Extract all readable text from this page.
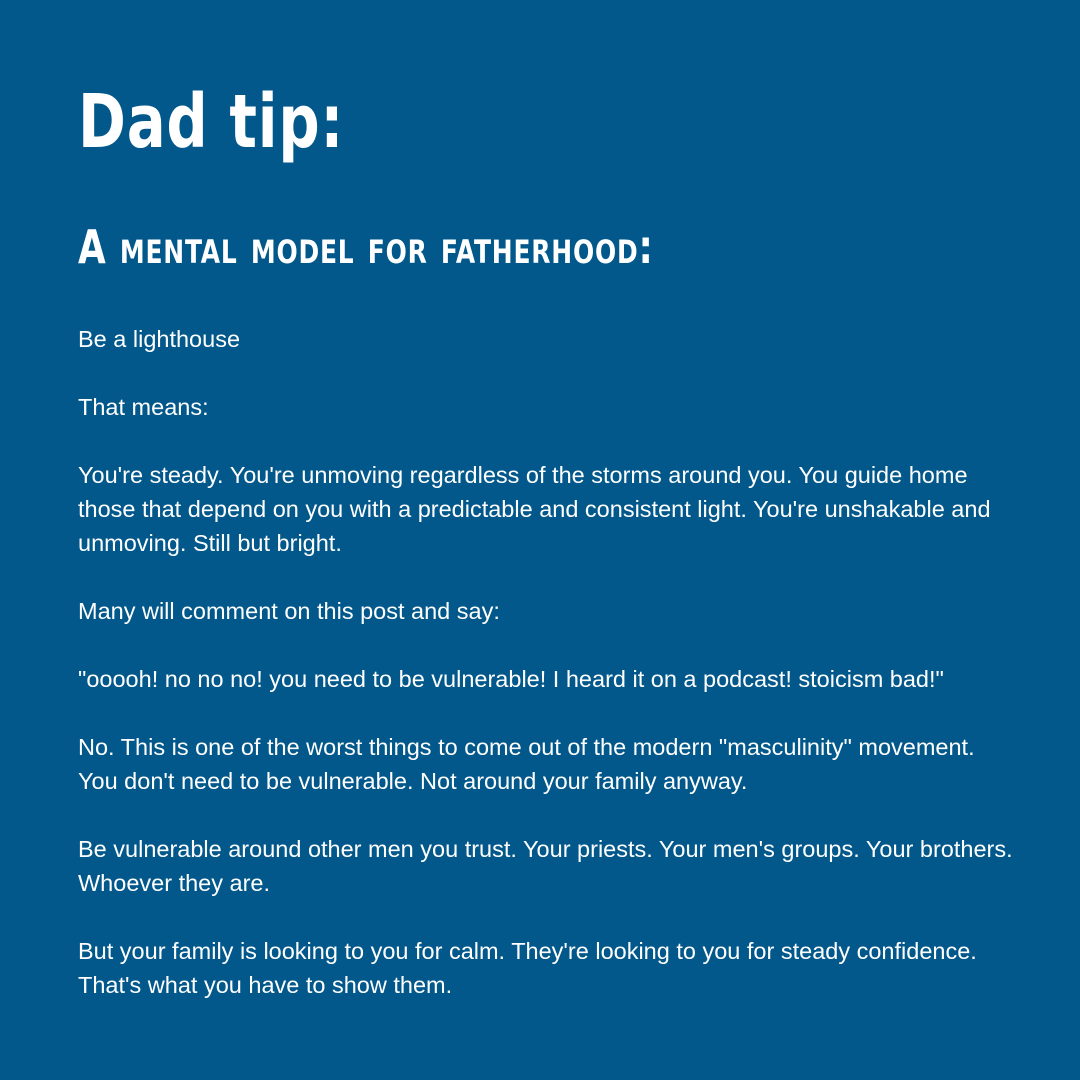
Dad tip:
A mental model for fatherhood:

Be a lighthouse

That means:

You're steady. You're unmoving regardless of the storms around you. You guide home those that depend on you with a predictable and consistent light. You're unshakable and unmoving. Still but bright.

Many will comment on this post and say:

"ooooh! no no no! you need to be vulnerable! I heard it on a podcast! stoicism bad!"

No. This is one of the worst things to come out of the modern "masculinity" movement. You don't need to be vulnerable. Not around your family anyway.

Be vulnerable around other men you trust. Your priests. Your men's groups. Your brothers. Whoever they are.

But your family is looking to you for calm. They're looking to you for steady confidence. That's what you have to show them.
